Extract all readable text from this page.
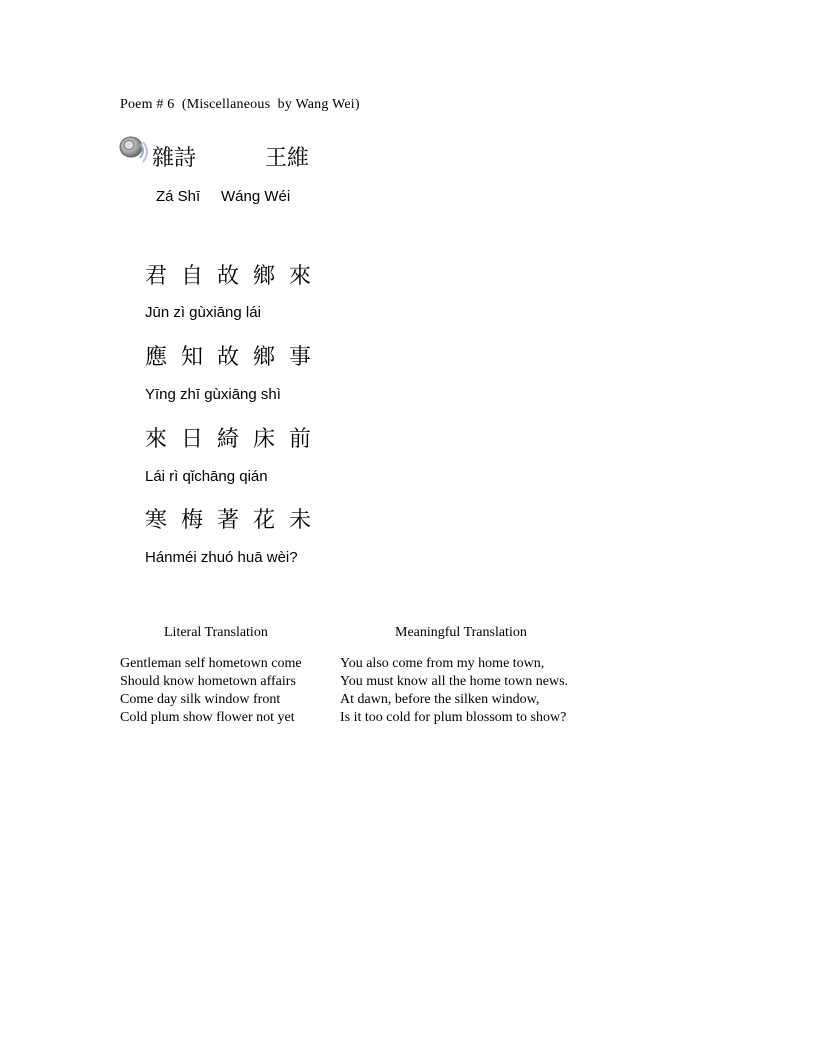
Poem # 6  (Miscellaneous  by Wang Wei)
雜詩	王維
Zá Shī Wáng Wéi
君 自 故 鄉 來
Jūn zì gùxiāng lái
應 知 故 鄉 事
Yīng zhī gùxiāng shì
來 日 綺 床 前
Lái rì qǐchāng qián
寒 梅 著 花 未
Hánméi zhuó huā wèi?
Literal Translation	Meaningful Translation
Gentleman self hometown come
Should know hometown affairs
Come day silk window front
Cold plum show flower not yet
You also come from my home town,
You must know all the home town news.
At dawn, before the silken window,
Is it too cold for plum blossom to show?
